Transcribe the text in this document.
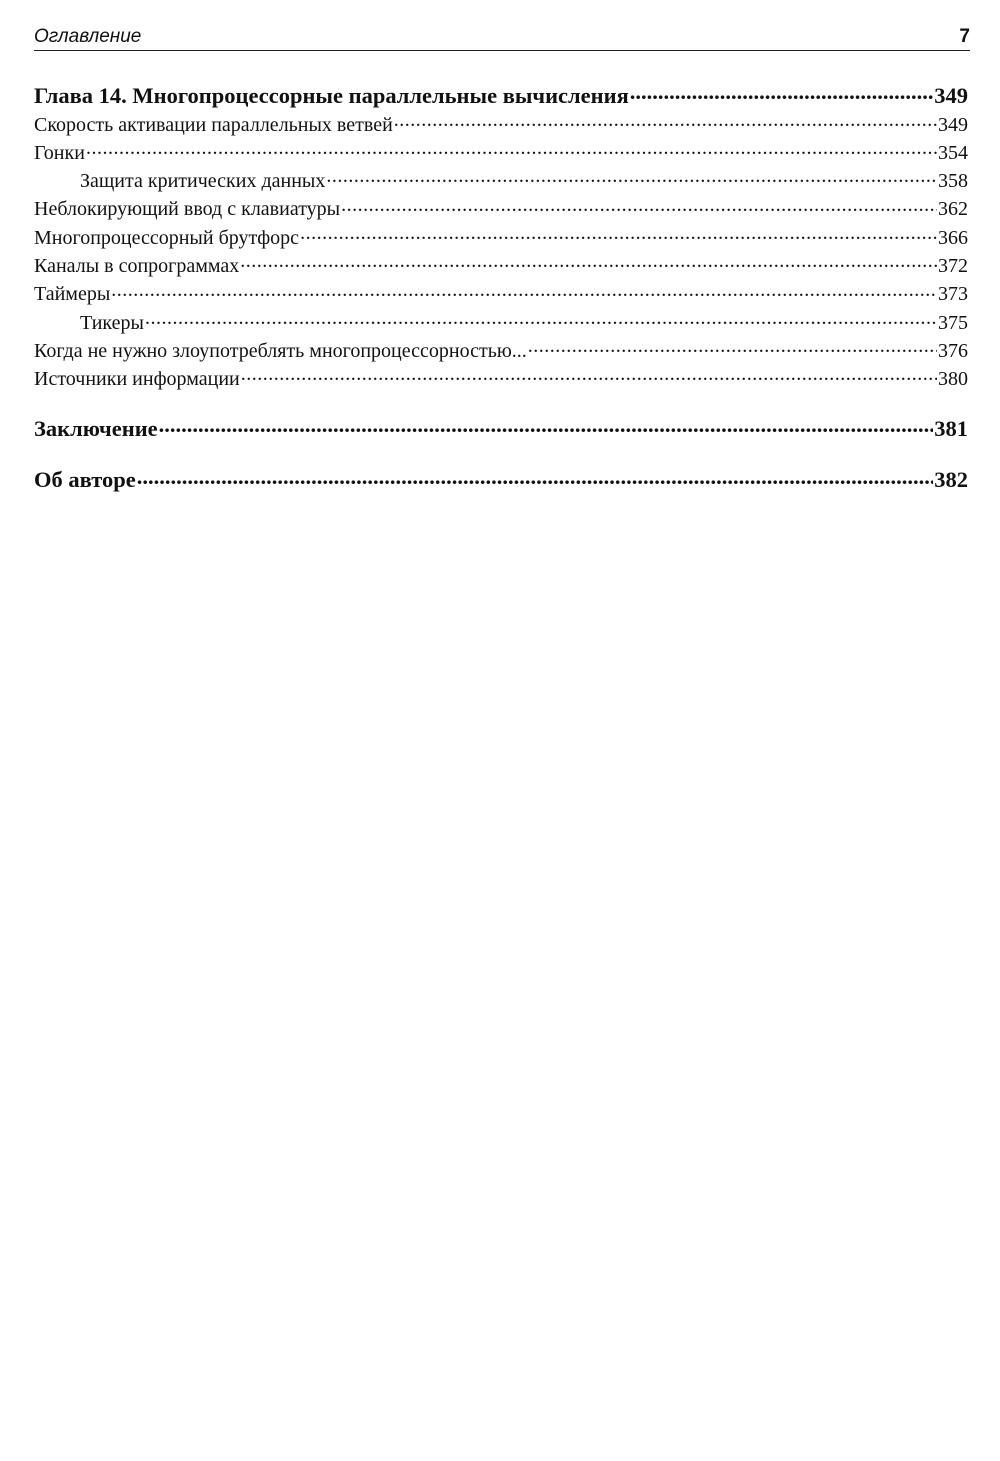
Оглавление	7
Глава 14. Многопроцессорные параллельные вычисления .....	349
Скорость активации параллельных ветвей .....	349
Гонки .....	354
Защита критических данных .....	358
Неблокирующий ввод с клавиатуры .....	362
Многопроцессорный брутфорс .....	366
Каналы в сопрограммах .....	372
Таймеры .....	373
Тикеры .....	375
Когда не нужно злоупотреблять многопроцессорностью... .....	376
Источники информации .....	380
Заключение .....	381
Об авторе .....	382
